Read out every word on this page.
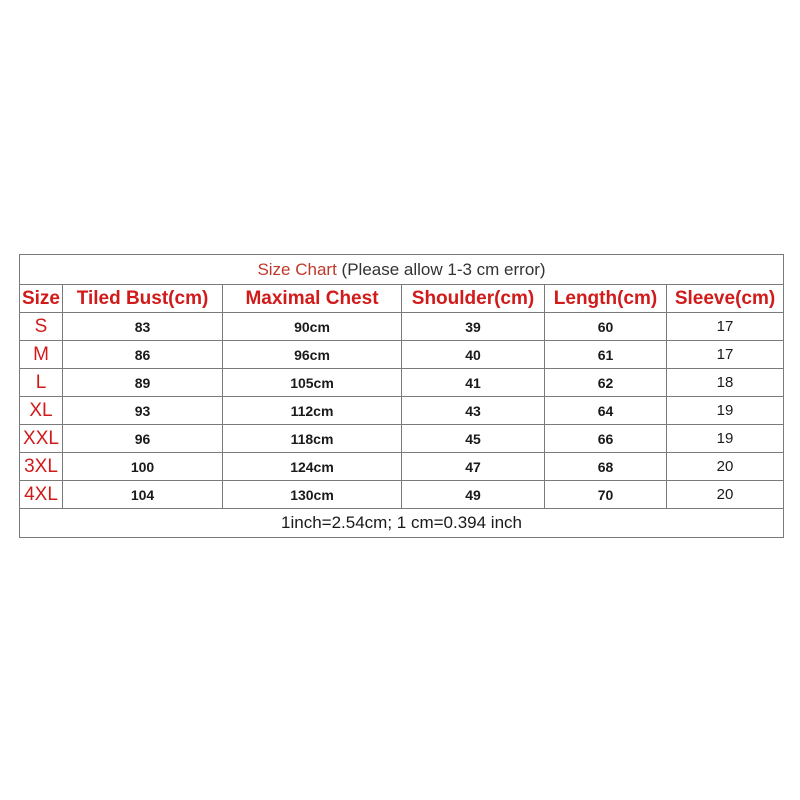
Size Chart (Please allow 1-3 cm error)					
Size	Tiled Bust(cm)	Maximal Chest	Shoulder(cm)	Length(cm)	Sleeve(cm)
S	83	90cm	39	60	17
M	86	96cm	40	61	17
L	89	105cm	41	62	18
XL	93	112cm	43	64	19
XXL	96	118cm	45	66	19
3XL	100	124cm	47	68	20
4XL	104	130cm	49	70	20
1inch=2.54cm; 1 cm=0.394 inch					
